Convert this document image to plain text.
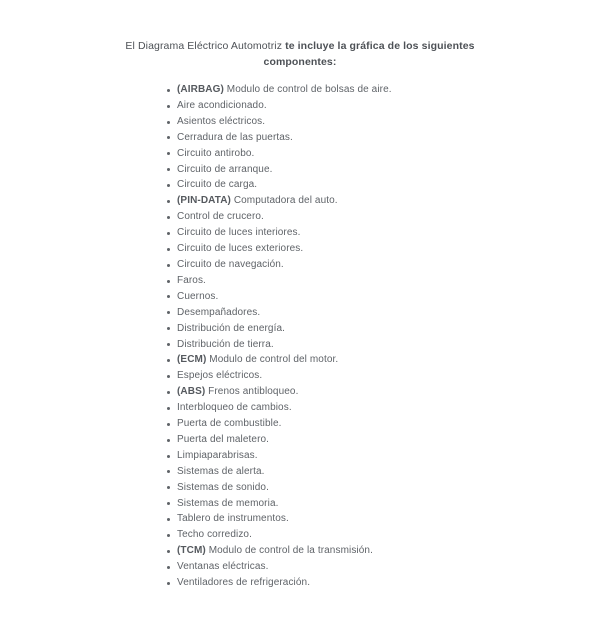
El Diagrama Eléctrico Automotriz te incluye la gráfica de los siguientes
componentes:
(AIRBAG) Modulo de control de bolsas de aire.
Aire acondicionado.
Asientos eléctricos.
Cerradura de las puertas.
Circuito antirobo.
Circuito de arranque.
Circuito de carga.
(PIN-DATA) Computadora del auto.
Control de crucero.
Circuito de luces interiores.
Circuito de luces exteriores.
Circuito de navegación.
Faros.
Cuernos.
Desempañadores.
Distribución de energía.
Distribución de tierra.
(ECM) Modulo de control del motor.
Espejos eléctricos.
(ABS) Frenos antibloqueo.
Interbloqueo de cambios.
Puerta de combustible.
Puerta del maletero.
Limpiaparabrisas.
Sistemas de alerta.
Sistemas de sonido.
Sistemas de memoria.
Tablero de instrumentos.
Techo corredizo.
(TCM) Modulo de control de la transmisión.
Ventanas eléctricas.
Ventiladores de refrigeración.
